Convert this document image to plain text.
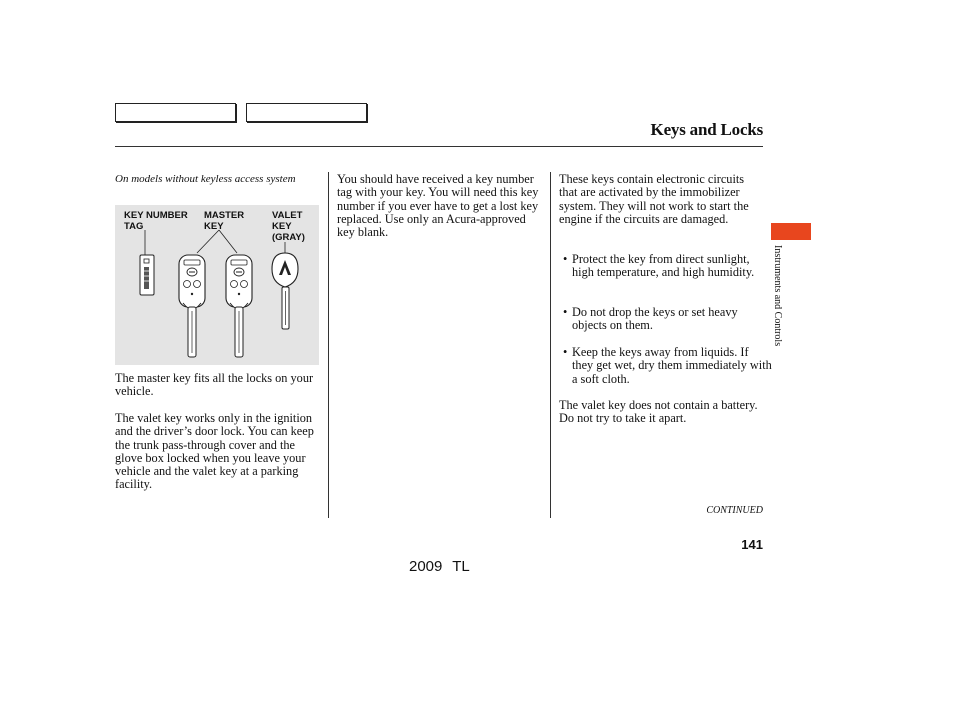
Keys and Locks
Instruments and Controls

On models without keyless access system

KEY NUMBER
TAG
MASTER
KEY
VALET
KEY
(GRAY)

The master key fits all the locks on your vehicle.

The valet key works only in the ignition and the driver’s door lock. You can keep the trunk pass-through cover and the glove box locked when you leave your vehicle and the valet key at a parking facility.

You should have received a key number tag with your key. You will need this key number if you ever have to get a lost key replaced. Use only an Acura-approved key blank.

These keys contain electronic circuits that are activated by the immobilizer system. They will not work to start the engine if the circuits are damaged.

• Protect the key from direct sunlight, high temperature, and high humidity.

• Do not drop the keys or set heavy objects on them.

• Keep the keys away from liquids. If they get wet, dry them immediately with a soft cloth.

The valet key does not contain a battery. Do not try to take it apart.

CONTINUED
141
2009 TL
